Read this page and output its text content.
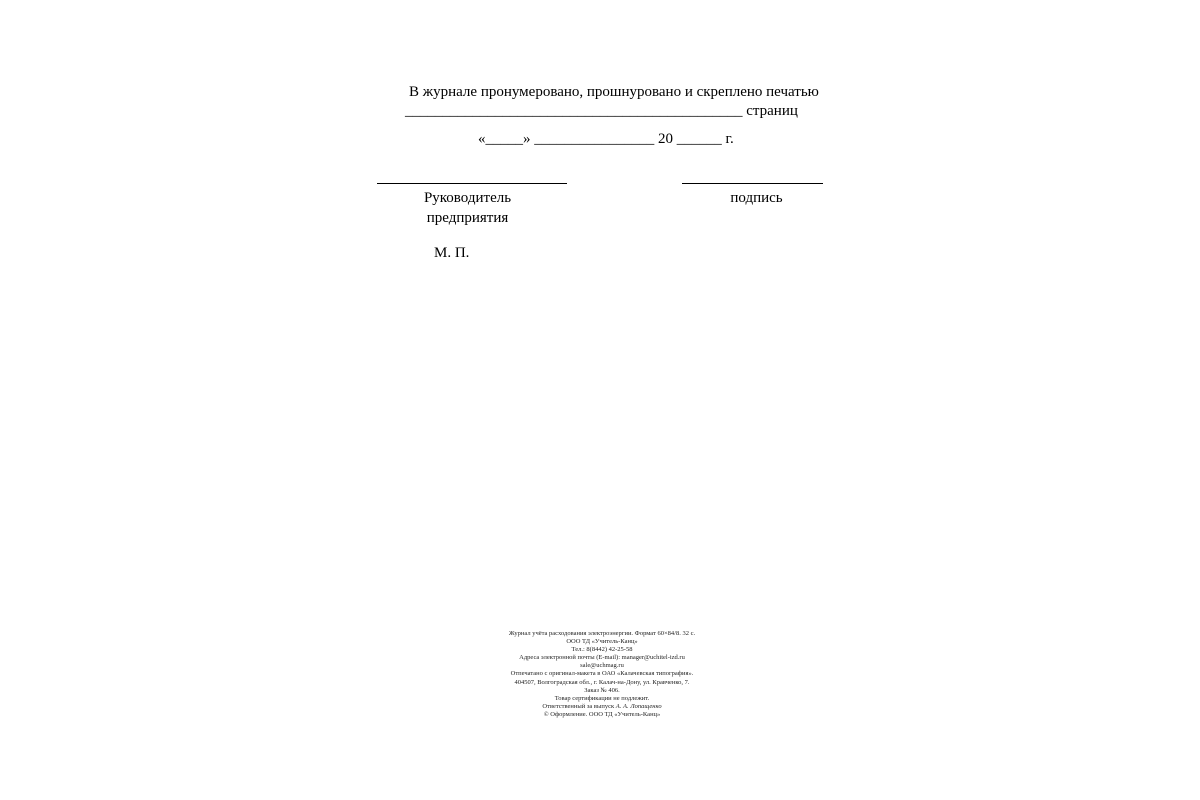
В журнале пронумеровано, прошнуровано и скреплено печатью
_____________________________________________ страниц
«_____» ________________ 20 ______ г.
Руководитель
предприятия
подпись
М. П.
Журнал учёта расходования электроэнергии. Формат 60×84/8. 32 с.
ООО ТД «Учитель-Канц»
Тел.: 8(8442) 42-25-58
Адреса электронной почты (E-mail): manager@uchitel-izd.ru
sale@uchmag.ru
Отпечатано с оригинал-макета в ОАО «Калачевская типография».
404507, Волгоградская обл., г. Калач-на-Дону, ул. Кравченко, 7.
Заказ № 406.
Товар сертификации не подлежит.
Ответственный за выпуск А. А. Лопащенко
© Оформление. ООО ТД «Учитель-Канц»
